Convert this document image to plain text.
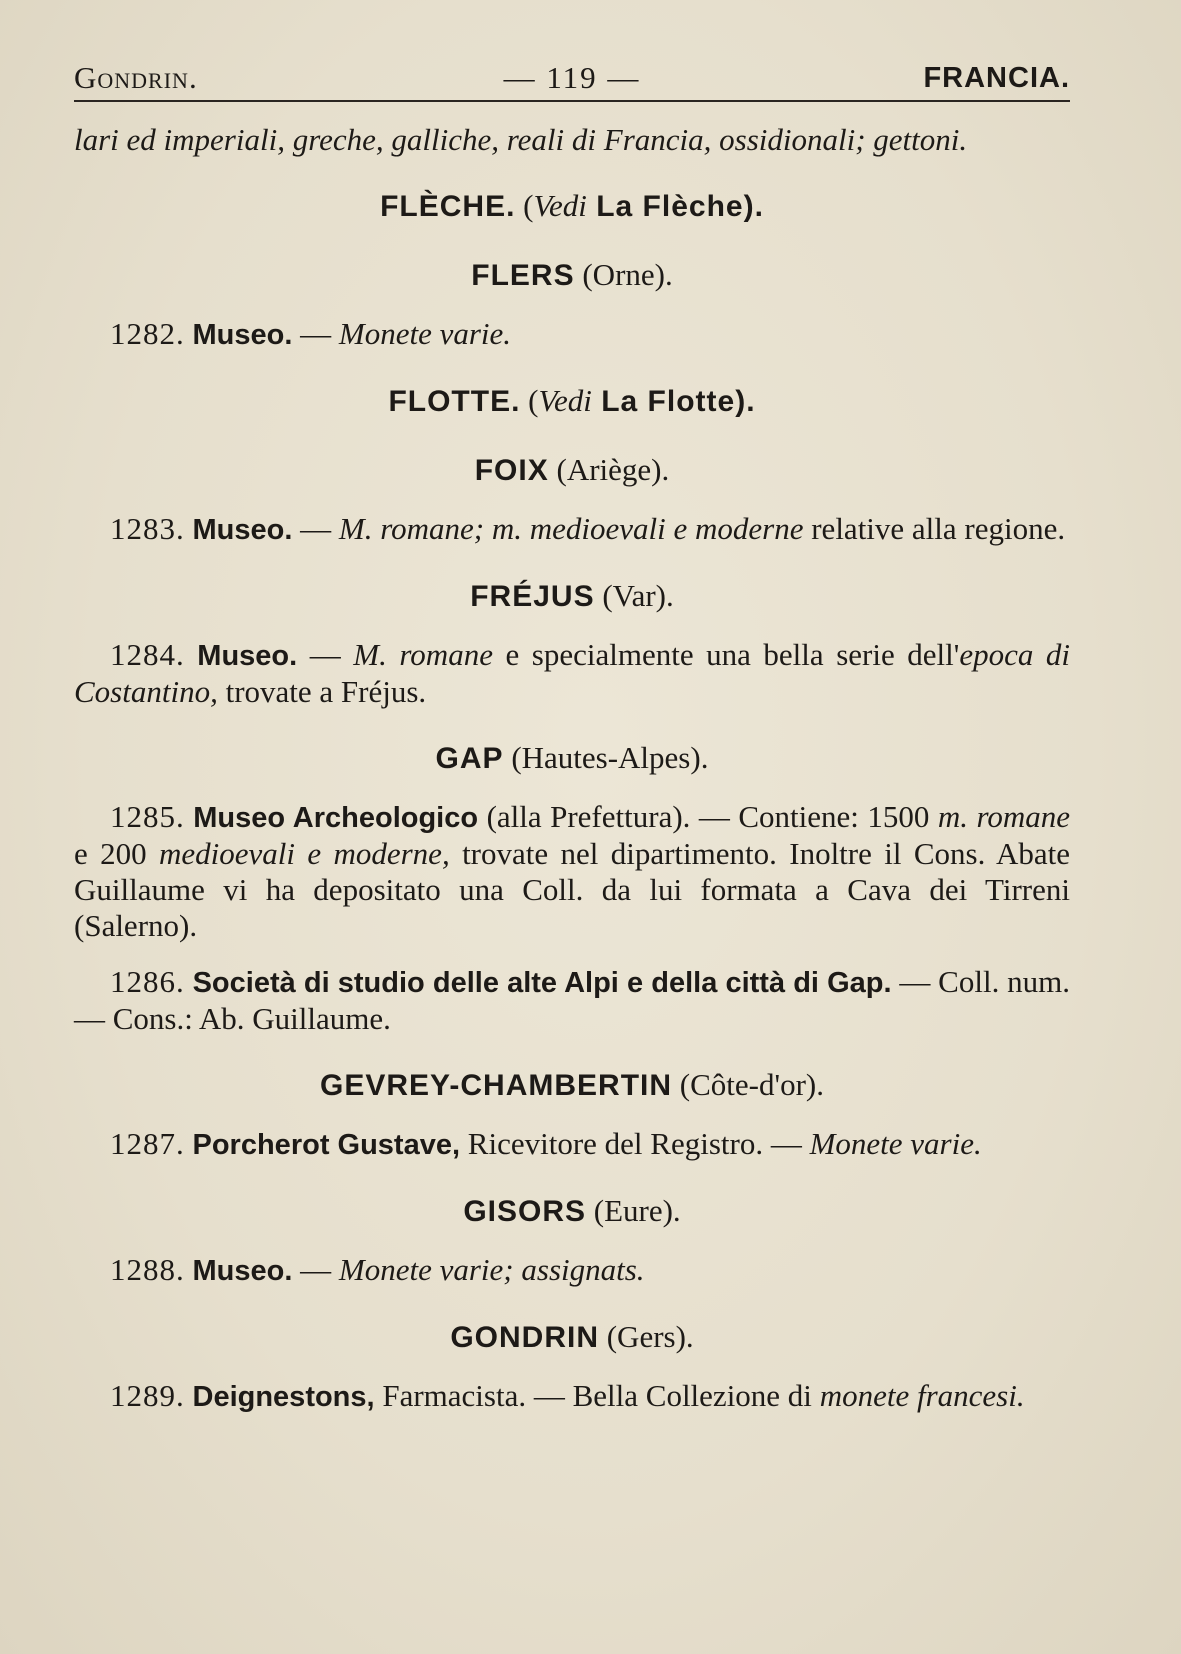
Gondrin.	— 119 —	FRANCIA.

lari ed imperiali, greche, galliche, reali di Francia, ossidionali; gettoni.

FLÈCHE. (Vedi La Flèche).

FLERS (Orne).

1282. Museo. — Monete varie.

FLOTTE. (Vedi La Flotte).

FOIX (Ariège).

1283. Museo. — M. romane; m. medioevali e moderne relative alla regione.

FRÉJUS (Var).

1284. Museo. — M. romane e specialmente una bella serie dell'epoca di Costantino, trovate a Fréjus.

GAP (Hautes-Alpes).

1285. Museo Archeologico (alla Prefettura). — Contiene: 1500 m. romane e 200 medioevali e moderne, trovate nel dipartimento. Inoltre il Cons. Abate Guillaume vi ha depositato una Coll. da lui formata a Cava dei Tirreni (Salerno).

1286. Società di studio delle alte Alpi e della città di Gap. — Coll. num. — Cons.: Ab. Guillaume.

GEVREY-CHAMBERTIN (Côte-d'or).

1287. Porcherot Gustave, Ricevitore del Registro. — Monete varie.

GISORS (Eure).

1288. Museo. — Monete varie; assignats.

GONDRIN (Gers).

1289. Deignestons, Farmacista. — Bella Collezione di monete francesi.
